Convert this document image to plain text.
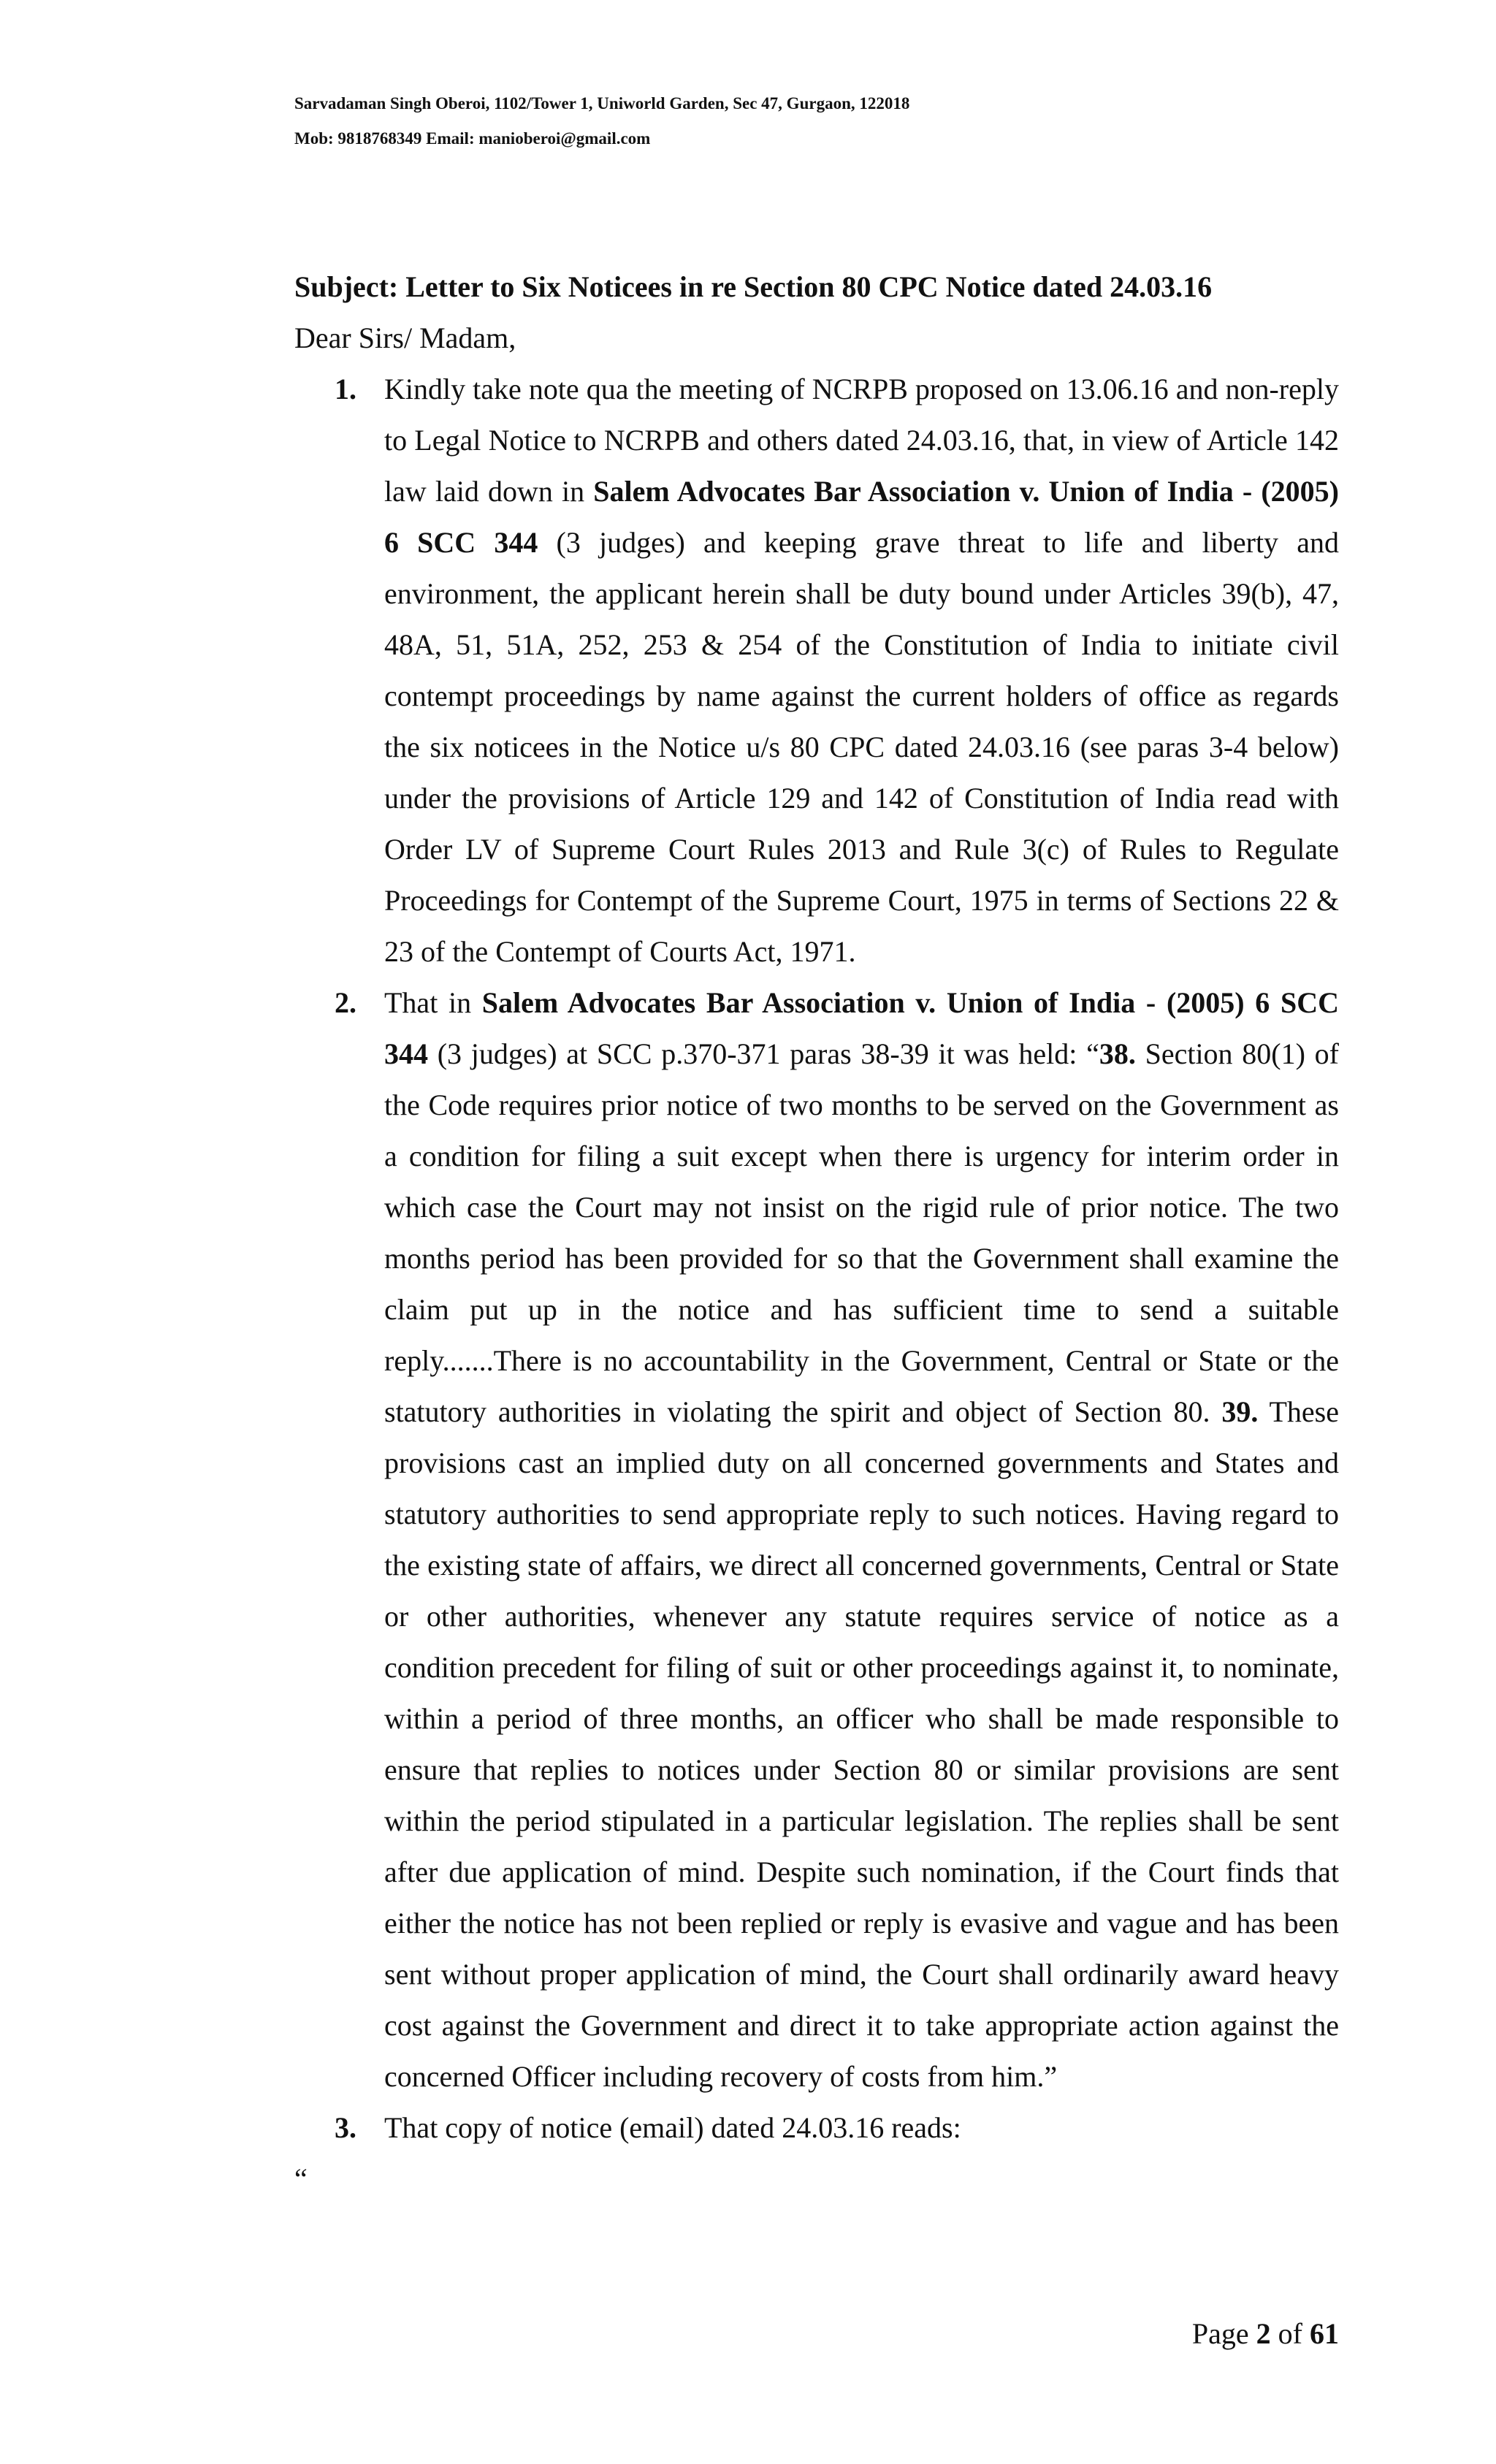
Sarvadaman Singh Oberoi, 1102/Tower 1, Uniworld Garden, Sec 47, Gurgaon, 122018
Mob: 9818768349 Email: manioberoi@gmail.com
Subject: Letter to Six Noticees in re Section 80 CPC Notice dated 24.03.16
Dear Sirs/ Madam,
1. Kindly take note qua the meeting of NCRPB proposed on 13.06.16 and non-reply to Legal Notice to NCRPB and others dated 24.03.16, that, in view of Article 142 law laid down in Salem Advocates Bar Association v. Union of India - (2005) 6 SCC 344 (3 judges) and keeping grave threat to life and liberty and environment, the applicant herein shall be duty bound under Articles 39(b), 47, 48A, 51, 51A, 252, 253 & 254 of the Constitution of India to initiate civil contempt proceedings by name against the current holders of office as regards the six noticees in the Notice u/s 80 CPC dated 24.03.16 (see paras 3-4 below) under the provisions of Article 129 and 142 of Constitution of India read with Order LV of Supreme Court Rules 2013 and Rule 3(c) of Rules to Regulate Proceedings for Contempt of the Supreme Court, 1975 in terms of Sections 22 & 23 of the Contempt of Courts Act, 1971.
2. That in Salem Advocates Bar Association v. Union of India - (2005) 6 SCC 344 (3 judges) at SCC p.370-371 paras 38-39 it was held: “38. Section 80(1) of the Code requires prior notice of two months to be served on the Government as a condition for filing a suit except when there is urgency for interim order in which case the Court may not insist on the rigid rule of prior notice. The two months period has been provided for so that the Government shall examine the claim put up in the notice and has sufficient time to send a suitable reply.......There is no accountability in the Government, Central or State or the statutory authorities in violating the spirit and object of Section 80. 39. These provisions cast an implied duty on all concerned governments and States and statutory authorities to send appropriate reply to such notices. Having regard to the existing state of affairs, we direct all concerned governments, Central or State or other authorities, whenever any statute requires service of notice as a condition precedent for filing of suit or other proceedings against it, to nominate, within a period of three months, an officer who shall be made responsible to ensure that replies to notices under Section 80 or similar provisions are sent within the period stipulated in a particular legislation. The replies shall be sent after due application of mind. Despite such nomination, if the Court finds that either the notice has not been replied or reply is evasive and vague and has been sent without proper application of mind, the Court shall ordinarily award heavy cost against the Government and direct it to take appropriate action against the concerned Officer including recovery of costs from him.”
3. That copy of notice (email) dated 24.03.16 reads:
“
Page 2 of 61
